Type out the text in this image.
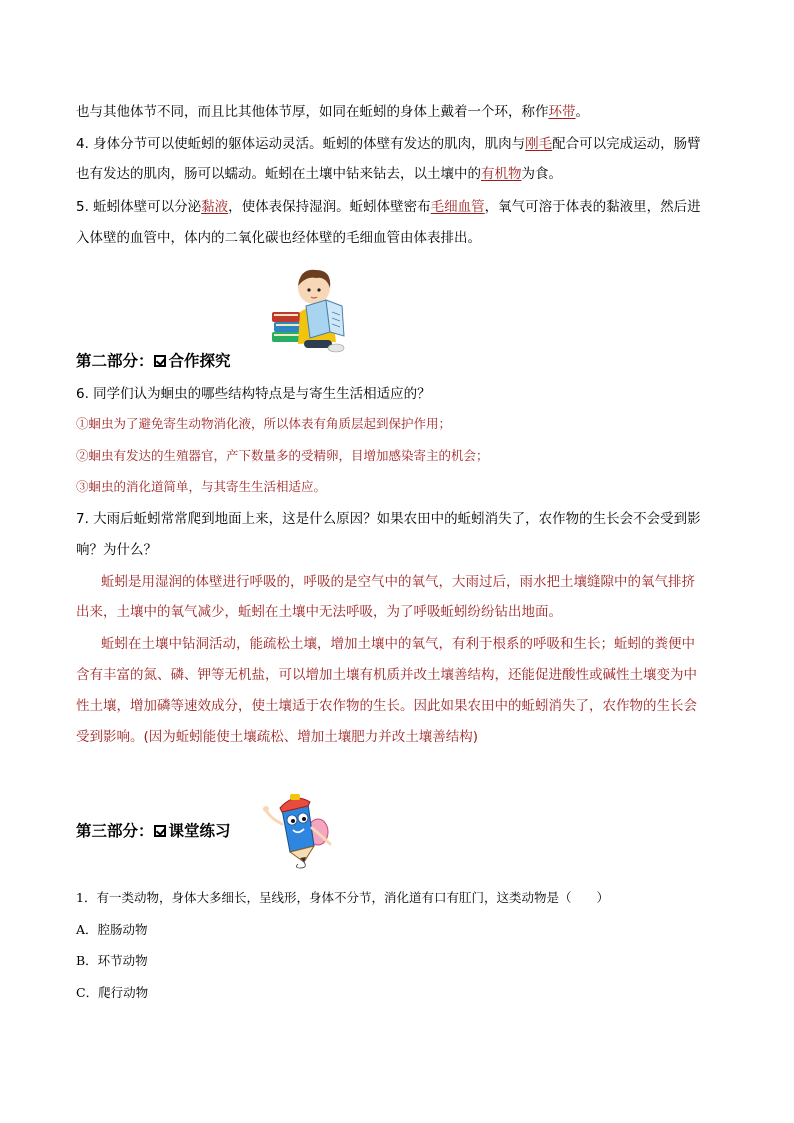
也与其他体节不同，而且比其他体节厚，如同在蚯蚓的身体上戴着一个环，称作环带。
4. 身体分节可以使蚯蚓的躯体运动灵活。蚯蚓的体壁有发达的肌肉，肌肉与刚毛配合可以完成运动，肠臂
也有发达的肌肉，肠可以蠕动。蚯蚓在土壤中钻来钻去，以土壤中的有机物为食。
5. 蚯蚓体壁可以分泌黏液，使体表保持湿润。蚯蚓体壁密布毛细血管，氧气可溶于体表的黏液里，然后进
入体壁的血管中，体内的二氧化碳也经体壁的毛细血管由体表排出。
第二部分： 合作探究
6. 同学们认为蛔虫的哪些结构特点是与寄生生活相适应的？
①蛔虫为了避免寄生动物消化液，所以体表有角质层起到保护作用；
②蛔虫有发达的生殖器官，产下数量多的受精卵，目增加感染寄主的机会；
③蛔虫的消化道简单，与其寄生生活相适应。
7. 大雨后蚯蚓常常爬到地面上来，这是什么原因？如果农田中的蚯蚓消失了，农作物的生长会不会受到影
响？为什么？
蚯蚓是用湿润的体壁进行呼吸的，呼吸的是空气中的氧气，大雨过后，雨水把土壤缝隙中的氧气排挤
出来，土壤中的氧气减少，蚯蚓在土壤中无法呼吸，为了呼吸蚯蚓纷纷钻出地面。
蚯蚓在土壤中钻洞活动，能疏松土壤，增加土壤中的氧气，有利于根系的呼吸和生长；蚯蚓的粪便中
含有丰富的氮、磷、钾等无机盐，可以增加土壤有机质并改土壤善结构，还能促进酸性或碱性土壤变为中
性土壤，增加磷等速效成分，使土壤适于农作物的生长。因此如果农田中的蚯蚓消失了，农作物的生长会
受到影响。(因为蚯蚓能使土壤疏松、增加土壤肥力并改土壤善结构)
第三部分： 课堂练习
1．有一类动物，身体大多细长，呈线形，身体不分节，消化道有口有肛门，这类动物是（　　）
A．腔肠动物
B．环节动物
C．爬行动物
